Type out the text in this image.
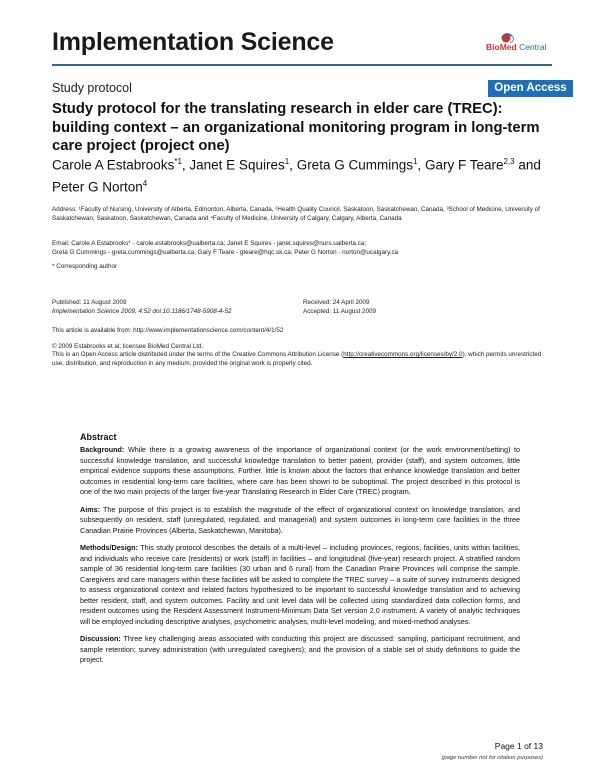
Implementation Science	BioMed Central
Study protocol	Open Access
Study protocol for the translating research in elder care (TREC): building context – an organizational monitoring program in long-term care project (project one)
Carole A Estabrooks$^{*1}$, Janet E Squires$^1$, Greta G Cummings$^1$, Gary F Teare$^{2,3}$ and Peter G Norton$^4$
Address: ¹Faculty of Nursing, University of Alberta, Edmonton, Alberta, Canada, ²Health Quality Council, Saskatoon, Saskatchewan, Canada, ³School of Medicine, University of Saskatchewan, Saskatoon, Saskatchewan, Canada and ⁴Faculty of Medicine, University of Calgary, Calgary, Alberta, Canada
Email: Carole A Estabrooks* - carole.estabrooks@ualberta.ca; Janet E Squires - janet.squires@nurs.ualberta.ca;
Greta G Cummings - greta.cummings@ualberta.ca; Gary F Teare - gteare@hqc.sk.ca; Peter G Norton - norton@ucalgary.ca
* Corresponding author
Published: 11 August 2009
Implementation Science 2009, 4:52 doi:10.1186/1748-5908-4-52
Received: 24 April 2009
Accepted: 11 August 2009
This article is available from: http://www.implementationscience.com/content/4/1/52
© 2009 Estabrooks et al; licensee BioMed Central Ltd.
This is an Open Access article distributed under the terms of the Creative Commons Attribution License (http://creativecommons.org/licenses/by/2.0), which permits unrestricted use, distribution, and reproduction in any medium, provided the original work is properly cited.
Abstract

Background: While there is a growing awareness of the importance of organizational context (or the work environment/setting) to successful knowledge translation, and successful knowledge translation to better patient, provider (staff), and system outcomes, little empirical evidence supports these assumptions. Further, little is known about the factors that enhance knowledge translation and better outcomes in residential long-term care facilities, where care has been shown to be suboptimal. The project described in this protocol is one of the two main projects of the larger five-year Translating Research in Elder Care (TREC) program.

Aims: The purpose of this project is to establish the magnitude of the effect of organizational context on knowledge translation, and subsequently on resident, staff (unregulated, regulated, and managerial) and system outcomes in long-term care facilities in the three Canadian Prairie Provinces (Alberta, Saskatchewan, Manitoba).

Methods/Design: This study protocol describes the details of a multi-level – including provinces, regions, facilities, units within facilities, and individuals who receive care (residents) or work (staff) in facilities – and longitudinal (five-year) research project. A stratified random sample of 36 residential long-term care facilities (30 urban and 6 rural) from the Canadian Prairie Provinces will comprise the sample. Caregivers and care managers within these facilities will be asked to complete the TREC survey – a suite of survey instruments designed to assess organizational context and related factors hypothesized to be important to successful knowledge translation and to achieving better resident, staff, and system outcomes. Facility and unit level data will be collected using standardized data collection forms, and resident outcomes using the Resident Assessment Instrument-Minimum Data Set version 2.0 instrument. A variety of analytic techniques will be employed including descriptive analyses, psychometric analyses, multi-level modeling, and mixed-method analyses.

Discussion: Three key challenging areas associated with conducting this project are discussed: sampling, participant recruitment, and sample retention; survey administration (with unregulated caregivers); and the provision of a stable set of study definitions to guide the project.

Page 1 of 13
(page number not for citation purposes)
